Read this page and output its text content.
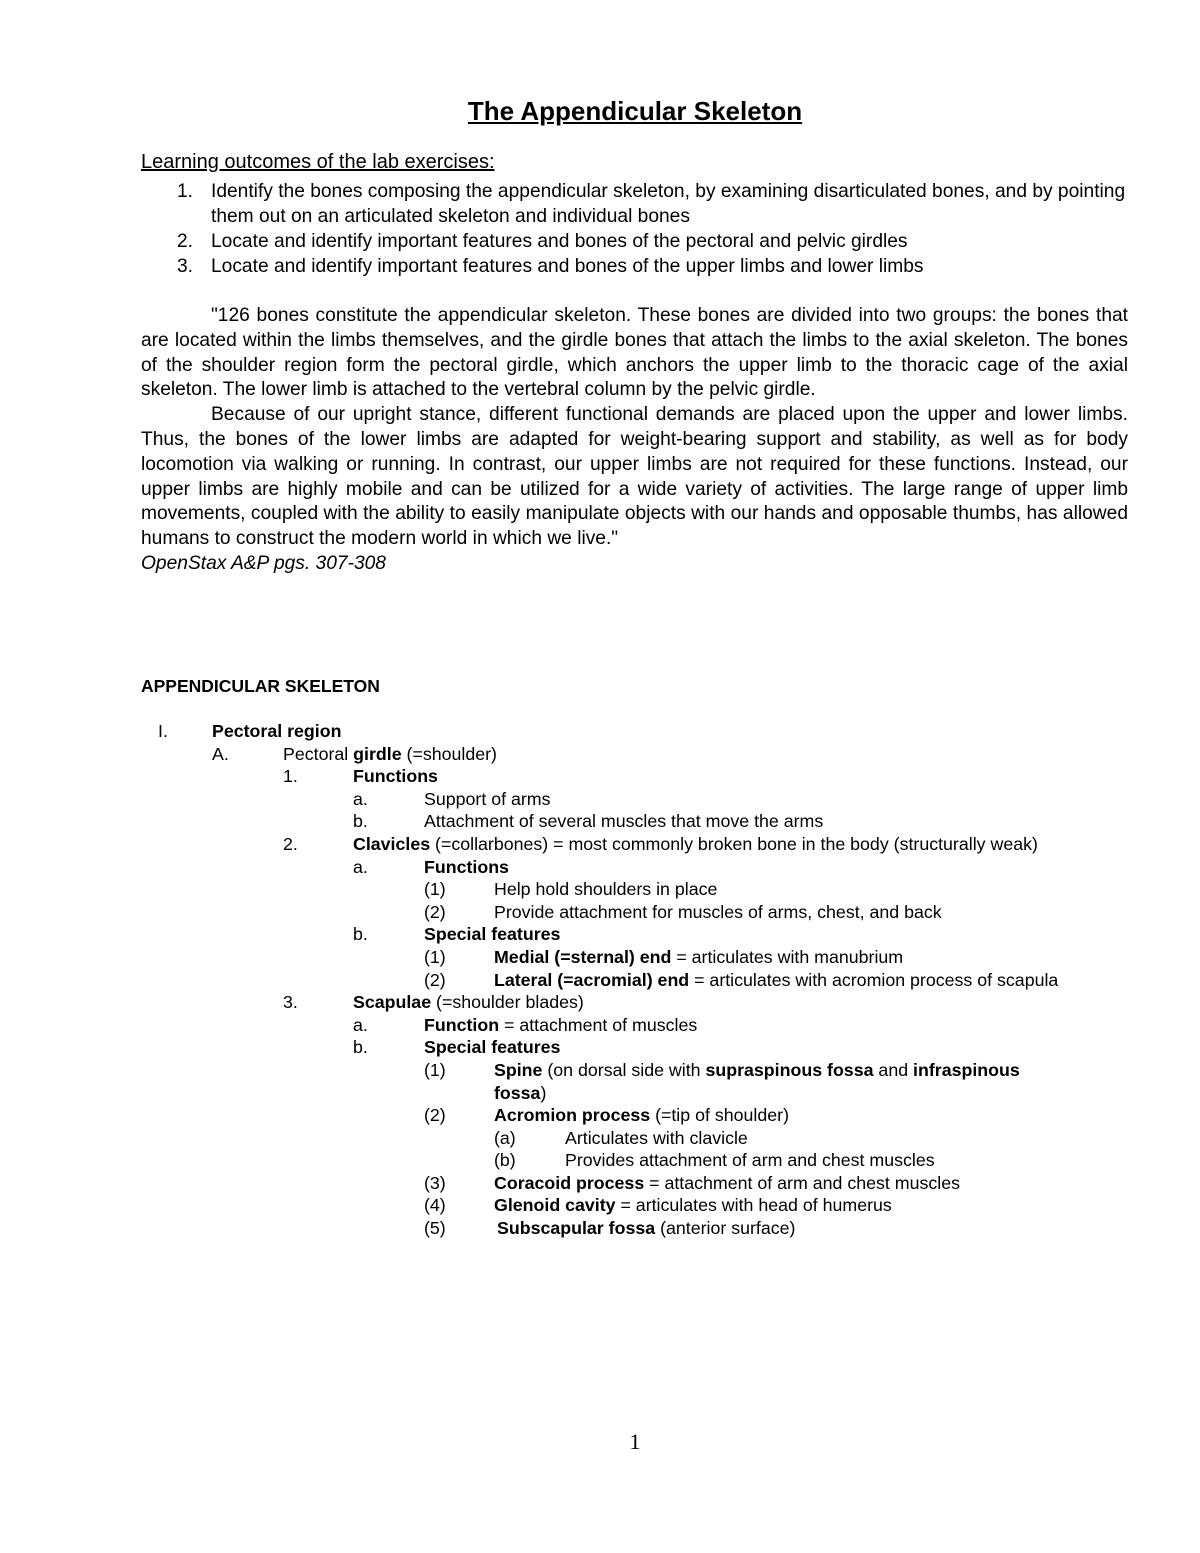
The Appendicular Skeleton
Learning outcomes of the lab exercises:
1. Identify the bones composing the appendicular skeleton, by examining disarticulated bones, and by pointing them out on an articulated skeleton and individual bones
2. Locate and identify important features and bones of the pectoral and pelvic girdles
3. Locate and identify important features and bones of the upper limbs and lower limbs

"126 bones constitute the appendicular skeleton. These bones are divided into two groups: the bones that are located within the limbs themselves, and the girdle bones that attach the limbs to the axial skeleton. The bones of the shoulder region form the pectoral girdle, which anchors the upper limb to the thoracic cage of the axial skeleton. The lower limb is attached to the vertebral column by the pelvic girdle.

Because of our upright stance, different functional demands are placed upon the upper and lower limbs. Thus, the bones of the lower limbs are adapted for weight-bearing support and stability, as well as for body locomotion via walking or running. In contrast, our upper limbs are not required for these functions. Instead, our upper limbs are highly mobile and can be utilized for a wide variety of activities. The large range of upper limb movements, coupled with the ability to easily manipulate objects with our hands and opposable thumbs, has allowed humans to construct the modern world in which we live."

OpenStax A&P pgs. 307-308
APPENDICULAR SKELETON
I. Pectoral region
A.	Pectoral girdle (=shoulder)
1.	Functions
a.	Support of arms
b.	Attachment of several muscles that move the arms
2.	Clavicles (=collarbones) = most commonly broken bone in the body (structurally weak)
a.	Functions
(1)	Help hold shoulders in place
(2)	Provide attachment for muscles of arms, chest, and back
b.	Special features
(1)	Medial (=sternal) end = articulates with manubrium
(2)	Lateral (=acromial) end = articulates with acromion process of scapula
3.	Scapulae (=shoulder blades)
a.	Function = attachment of muscles
b.	Special features
(1)	Spine (on dorsal side with supraspinous fossa and infraspinous
fossa)
(2)	Acromion process (=tip of shoulder)
(a)	Articulates with clavicle
(b)	Provides attachment of arm and chest muscles
(3)	Coracoid process = attachment of arm and chest muscles
(4)	Glenoid cavity = articulates with head of humerus
(5)	Subscapular fossa (anterior surface)
1
